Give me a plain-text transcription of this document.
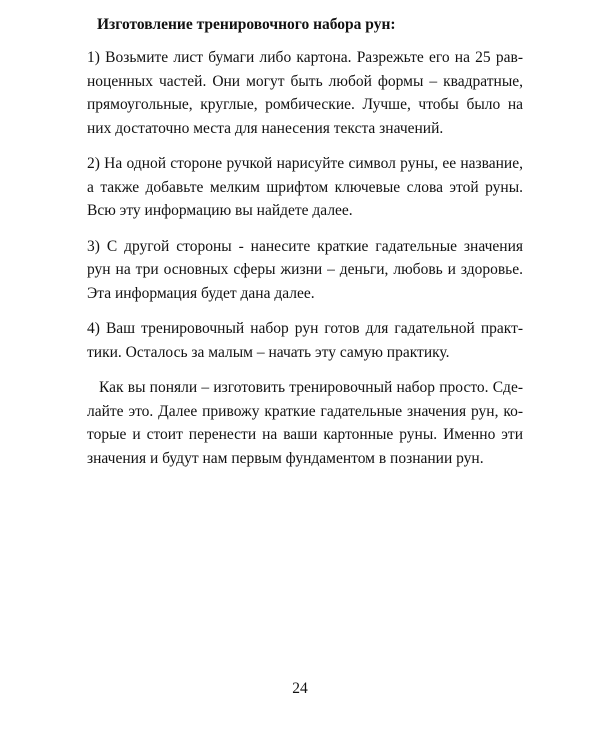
Изготовление тренировочного набора рун:
1) Возьмите лист бумаги либо картона. Разрежьте его на 25 рав-
ноценных частей. Они могут быть любой формы – квадратные,
прямоугольные, круглые, ромбические. Лучше, чтобы было на
них достаточно места для нанесения текста значений.
2) На одной стороне ручкой нарисуйте символ руны, ее название,
а также добавьте мелким шрифтом ключевые слова этой руны.
Всю эту информацию вы найдете далее.
3) С другой стороны - нанесите краткие гадательные значения
рун на три основных сферы жизни – деньги, любовь и здоровье.
Эта информация будет дана далее.
4) Ваш тренировочный набор рун готов для гадательной практ-
тики. Осталось за малым – начать эту самую практику.
Как вы поняли – изготовить тренировочный набор просто. Сде-
лайте это. Далее привожу краткие гадательные значения рун, ко-
торые и стоит перенести на ваши картонные руны. Именно эти
значения и будут нам первым фундаментом в познании рун.
24
